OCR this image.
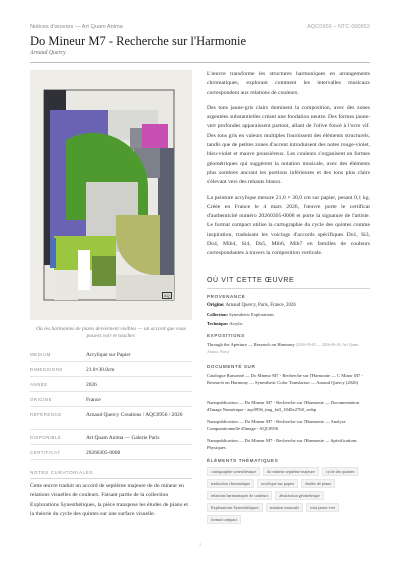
Notices d'œuvres — Art Quam Anima	AQC0956 – NTC-000652
Do Mineur M7 - Recherche sur l'Harmonie
Arnaud Quercy
AQ
Où les harmonies de piano deviennent visibles — un accord que vous pouvez voir et toucher.
MEDIUM	Acrylique sur Papier
DIMENSIONS	21.0×30.0cm
ANNÉE	2026
ORIGINE	France
RÉFÉRENCE	Arnaud Quercy Creations / AQC0956 / 2026
DISPONIBLE	Art Quam Anima — Galerie Paris
CERTIFICAT	20260305-0008
NOTES CURATORIALES
Cette œuvre traduit un accord de septième majeure de do mineur en relations visuelles de couleurs. Faisant partie de la collection Explorations Synesthétiques, la pièce transpose les études de piano et la théorie du cycle des quintes sur une surface visuelle.

L'œuvre transforme les structures harmoniques en arrangements chromatiques, explorant comment les intervalles musicaux correspondent aux relations de couleurs.

Des tons jaune-gris clairs dominent la composition, avec des zones argentées substantielles créant une fondation neutre. Des formes jaune-vert profondes apparaissent partout, allant de l'olive foncé à l'ocre vif. Des tons gris en valeurs multiples fournissent des éléments structurels, tandis que de petites zones d'accent introduisent des notes rouge-violet, bleu-violet et mauve poussiéreux. Les couleurs s'organisent en formes géométriques qui suggèrent la notation musicale, avec des éléments plus sombres ancrant les portions inférieures et des tons plus clairs s'élevant vers des rehauts blancs.

La peinture acrylique mesure 21,0 × 30,0 cm sur papier, pesant 0,1 kg. Créée en France le 4 mars 2026, l'œuvre porte le certificat d'authenticité numéro 20260305-0008 et porte la signature de l'artiste. Le format compact utilise la cartographie du cycle des quintes comme inspiration, traduisant les voicings d'accords spécifiques Do1, Si3, Do4, Mib4, Si4, Do5, Mib6, Mib7 en familles de couleurs correspondantes à travers la composition verticale.

OÙ VIT CETTE ŒUVRE
PROVENANCE
Origine: Arnaud Quercy, Paris, France, 2026
Collection: Synesthetic Explorations
Technique: Acrylic
EXPOSITIONS
Through the Aperture — Research on Harmony (2026-03-05 — 2026-06-30, Art Quam Anima, Paris)
DOCUMENTÉ SUR
Catalogue Raisonné — Do Mineur M7 - Recherche sur l'Harmonie — C Minor M7 - Research on Harmony — Synesthetic Color Translation — Arnaud Quercy (2026)
Nanopublication — Do Mineur M7 - Recherche sur l'Harmonie — Documentation d'Image Numérique - aqc0956_img_full_1840x2760_webp
Nanopublication — Do Mineur M7 - Recherche sur l'Harmonie — Analyse Computationnelle d'Image - AQC0956
Nanopublication — Do Mineur M7 - Recherche sur l'Harmonie — Spécifications Physiques
ÉLÉMENTS THÉMATIQUES
cartographie synesthésique	do mineur septième majeure	cycle des quintes
traduction chromatique	acrylique sur papier	études de piano
relations harmoniques de couleurs	abstraction géométrique
Explorations Synesthétiques	notation musicale	tons jaune-vert
format compact
1
